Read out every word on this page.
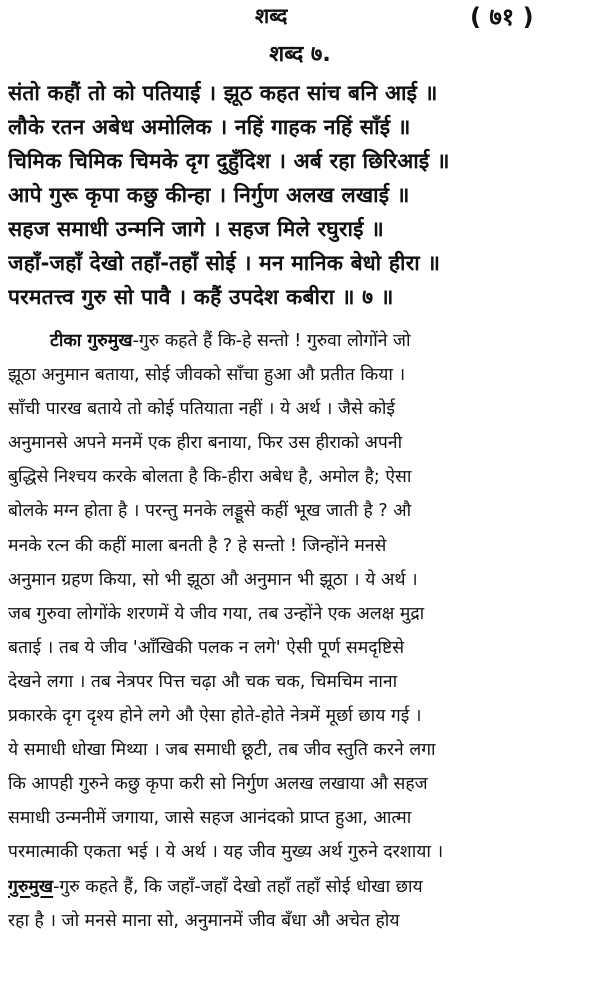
शब्द	( ७१ )
शब्द ७.
संतो कहौं तो को पतियाई । झूठ कहत सांच बनि आई ॥
लौके रतन अबेध अमोलिक । नहिं गाहक नहिं साँई ॥
चिमिक चिमिक चिमके दृग दुहुँदिश । अर्ब रहा छिरिआई ॥
आपे गुरू कृपा कछु कीन्हा । निर्गुण अलख लखाई ॥
सहज समाधी उन्मनि जागे । सहज मिले रघुराई ॥
जहाँ-जहाँ देखो तहाँ-तहाँ सोई । मन मानिक बेधो हीरा ॥
परमतत्त्व गुरु सो पावै । कहैं उपदेश कबीरा ॥ ७ ॥
टीका गुरुमुख-गुरु कहते हैं कि-हे सन्तो ! गुरुवा लोगोंने जो
झूठा अनुमान बताया, सोई जीवको साँचा हुआ औ प्रतीत किया ।
साँची पारख बताये तो कोई पतियाता नहीं । ये अर्थ । जैसे कोई
अनुमानसे अपने मनमें एक हीरा बनाया, फिर उस हीराको अपनी
बुद्धिसे निश्चय करके बोलता है कि-हीरा अबेध है, अमोल है; ऐसा
बोलके मग्न होता है । परन्तु मनके लड्डूसे कहीं भूख जाती है ? औ
मनके रत्न की कहीं माला बनती है ? हे सन्तो ! जिन्होंने मनसे
अनुमान ग्रहण किया, सो भी झूठा औ अनुमान भी झूठा । ये अर्थ ।
जब गुरुवा लोगोंके शरणमें ये जीव गया, तब उन्होंने एक अलक्ष मुद्रा
बताई । तब ये जीव 'आँखिकी पलक न लगे' ऐसी पूर्ण समदृष्टिसे
देखने लगा । तब नेत्रपर पित्त चढ़ा औ चक चक, चिमचिम नाना
प्रकारके दृग दृश्य होने लगे औ ऐसा होते-होते नेत्रमें मूर्छा छाय गई ।
ये समाधी धोखा मिथ्या । जब समाधी छूटी, तब जीव स्तुति करने लगा
कि आपही गुरुने कछु कृपा करी सो निर्गुण अलख लखाया औ सहज
समाधी उन्मनीमें जगाया, जासे सहज आनंदको प्राप्त हुआ, आत्मा
परमात्माकी एकता भई । ये अर्थ । यह जीव मुख्य अर्थ गुरुने दरशाया ।
गुरुमुख-गुरु कहते हैं, कि जहाँ-जहाँ देखो तहाँ तहाँ सोई धोखा छाय
रहा है । जो मनसे माना सो, अनुमानमें जीव बँधा औ अचेत होय
